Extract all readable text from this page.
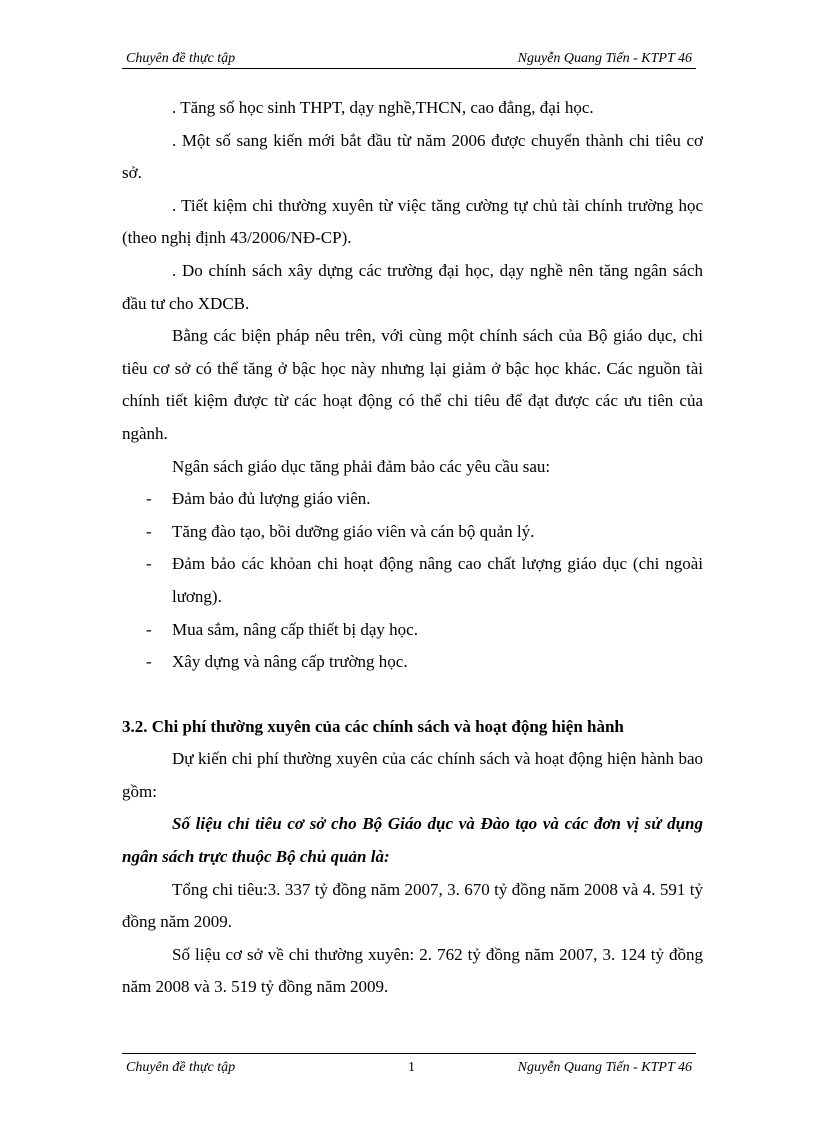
Chuyên đề thực tập	Nguyễn Quang Tiến - KTPT 46

. Tăng số học sinh THPT, dạy nghề,THCN, cao đẳng, đại học.

. Một số sang kiến mới bắt đầu từ năm 2006 được chuyển thành chi tiêu cơ sở.

. Tiết kiệm chi thường xuyên từ việc tăng cường tự chủ tài chính trường học (theo nghị định 43/2006/NĐ-CP).

. Do chính sách xây dựng các trường đại học, dạy nghề nên tăng ngân sách đầu tư cho XDCB.

Bằng các biện pháp nêu trên, với cùng một chính sách của Bộ giáo dục, chi tiêu cơ sở có thể tăng ở bậc học này nhưng lại giảm ở bậc học khác. Các nguồn tài chính tiết kiệm được từ các hoạt động có thể chi tiêu để đạt được các ưu tiên của ngành.

Ngân sách giáo dục tăng phải đảm bảo các yêu cầu sau:

- Đảm bảo đủ lượng giáo viên.
- Tăng đào tạo, bồi dưỡng giáo viên và cán bộ quản lý.
- Đảm bảo các khỏan chi hoạt động nâng cao chất lượng giáo dục (chi ngoài lương).
- Mua sắm, nâng cấp thiết bị dạy học.
- Xây dựng và nâng cấp trường học.
3.2. Chi phí thường xuyên của các chính sách và hoạt động hiện hành

Dự kiến chi phí thường xuyên của các chính sách và hoạt động hiện hành bao gồm:

Số liệu chỉ tiêu cơ sở cho Bộ Giáo dục và Đào tạo và các đơn vị sử dụng ngân sách trực thuộc Bộ chủ quản là:

Tổng chi tiêu:3. 337 tỷ đồng năm 2007, 3. 670 tỷ đồng năm 2008 và 4. 591 tỷ đồng năm 2009.

Số liệu cơ sở về chi thường xuyên: 2. 762 tỷ đồng năm 2007, 3. 124 tỷ đồng năm 2008 và 3. 519 tỷ đồng năm 2009.

Chuyên đề thực tập	1	Nguyễn Quang Tiến - KTPT 46
